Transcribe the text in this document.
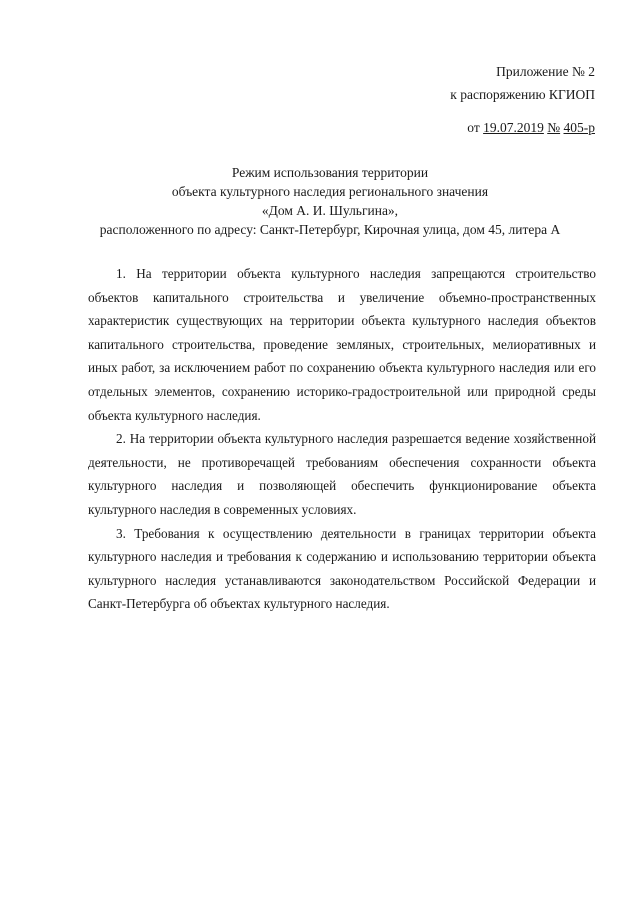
Приложение № 2
к распоряжению КГИОП
от 19.07.2019 № 405-р
Режим использования территории
объекта культурного наследия регионального значения
«Дом А. И. Шульгина»,
расположенного по адресу: Санкт-Петербург, Кирочная улица, дом 45, литера А

1. На территории объекта культурного наследия запрещаются строительство объектов капитального строительства и увеличение объемно-пространственных характеристик существующих на территории объекта культурного наследия объектов капитального строительства, проведение земляных, строительных, мелиоративных и иных работ, за исключением работ по сохранению объекта культурного наследия или его отдельных элементов, сохранению историко-градостроительной или природной среды объекта культурного наследия.

2. На территории объекта культурного наследия разрешается ведение хозяйственной деятельности, не противоречащей требованиям обеспечения сохранности объекта культурного наследия и позволяющей обеспечить функционирование объекта культурного наследия в современных условиях.

3. Требования к осуществлению деятельности в границах территории объекта культурного наследия и требования к содержанию и использованию территории объекта культурного наследия устанавливаются законодательством Российской Федерации и Санкт-Петербурга об объектах культурного наследия.
